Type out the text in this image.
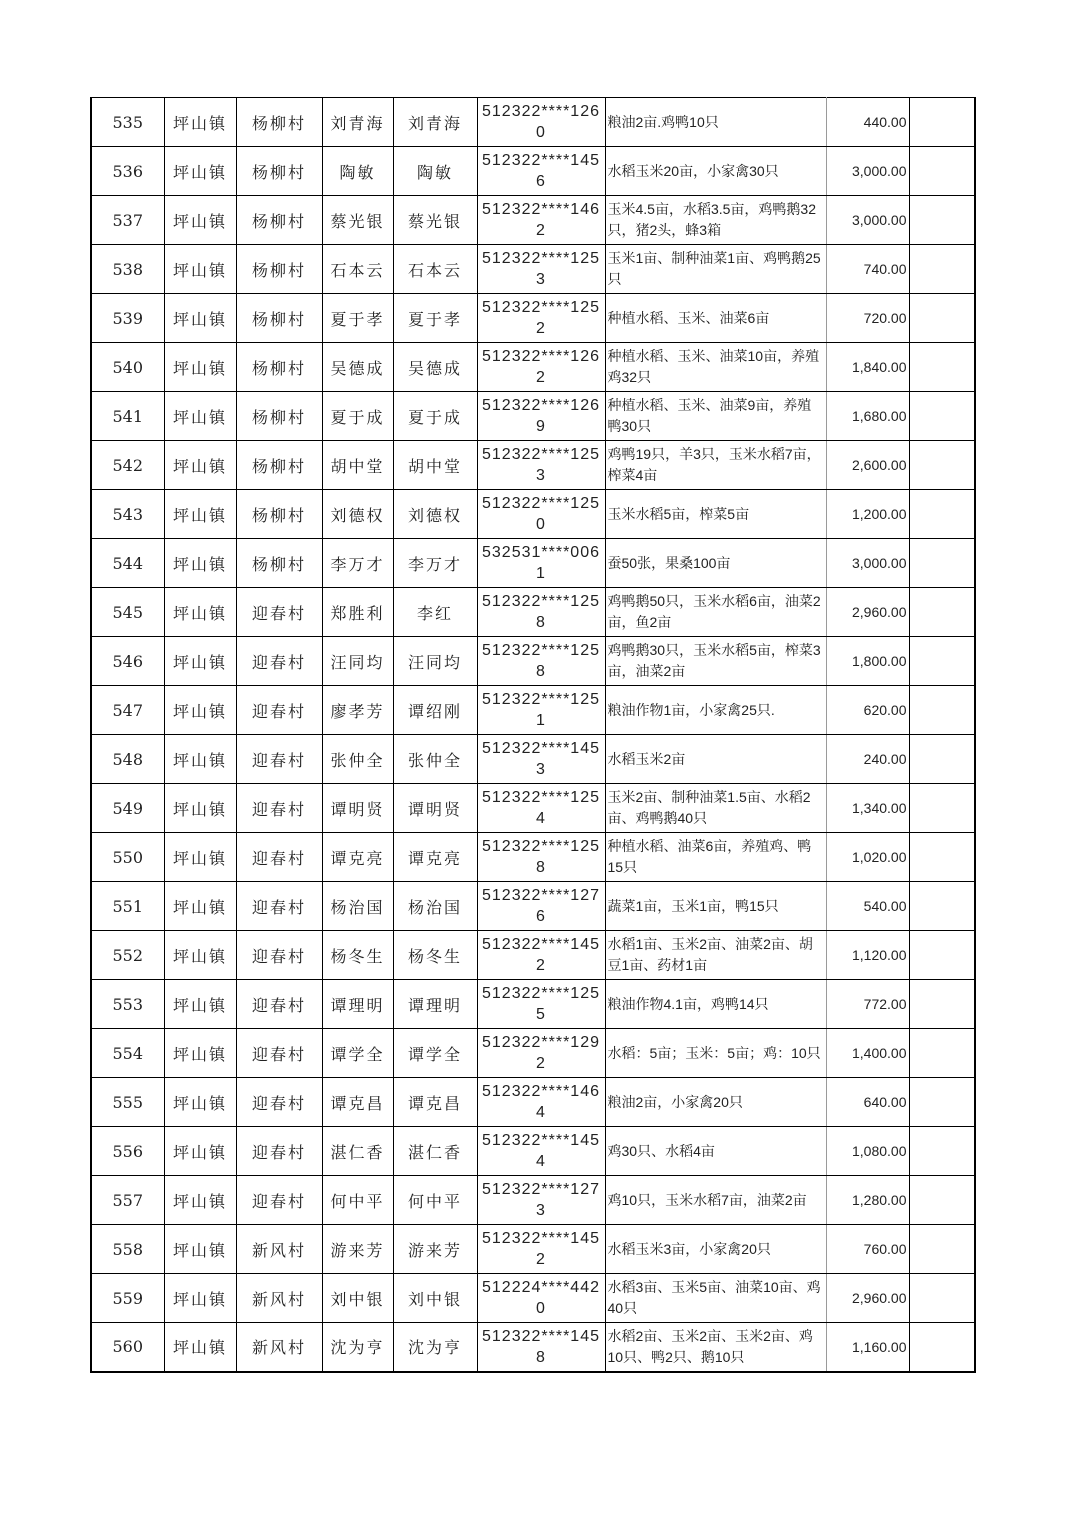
535	坪山镇	杨柳村	刘青海	刘青海	512322****1260	粮油2亩.鸡鸭10只	440.00	
536	坪山镇	杨柳村	陶敏	陶敏	512322****1456	水稻玉米20亩，小家禽30只	3,000.00	
537	坪山镇	杨柳村	蔡光银	蔡光银	512322****1462	玉米4.5亩，水稻3.5亩，鸡鸭鹅32只，猪2头，蜂3箱	3,000.00	
538	坪山镇	杨柳村	石本云	石本云	512322****1253	玉米1亩、制种油菜1亩、鸡鸭鹅25只	740.00	
539	坪山镇	杨柳村	夏于孝	夏于孝	512322****1252	种植水稻、玉米、油菜6亩	720.00	
540	坪山镇	杨柳村	吴德成	吴德成	512322****1262	种植水稻、玉米、油菜10亩，养殖鸡32只	1,840.00	
541	坪山镇	杨柳村	夏于成	夏于成	512322****1269	种植水稻、玉米、油菜9亩，养殖鸭30只	1,680.00	
542	坪山镇	杨柳村	胡中堂	胡中堂	512322****1253	鸡鸭19只，羊3只，玉米水稻7亩，榨菜4亩	2,600.00	
543	坪山镇	杨柳村	刘德权	刘德权	512322****1250	玉米水稻5亩，榨菜5亩	1,200.00	
544	坪山镇	杨柳村	李万才	李万才	532531****0061	蚕50张，果桑100亩	3,000.00	
545	坪山镇	迎春村	郑胜利	李红	512322****1258	鸡鸭鹅50只，玉米水稻6亩，油菜2亩，鱼2亩	2,960.00	
546	坪山镇	迎春村	汪同均	汪同均	512322****1258	鸡鸭鹅30只，玉米水稻5亩，榨菜3亩，油菜2亩	1,800.00	
547	坪山镇	迎春村	廖孝芳	谭绍刚	512322****1251	粮油作物1亩，小家禽25只.	620.00	
548	坪山镇	迎春村	张仲全	张仲全	512322****1453	水稻玉米2亩	240.00	
549	坪山镇	迎春村	谭明贤	谭明贤	512322****1254	玉米2亩、制种油菜1.5亩、水稻2亩、鸡鸭鹅40只	1,340.00	
550	坪山镇	迎春村	谭克亮	谭克亮	512322****1258	种植水稻、油菜6亩，养殖鸡、鸭15只	1,020.00	
551	坪山镇	迎春村	杨治国	杨治国	512322****1276	蔬菜1亩，玉米1亩，鸭15只	540.00	
552	坪山镇	迎春村	杨冬生	杨冬生	512322****1452	水稻1亩、玉米2亩、油菜2亩、胡豆1亩、药材1亩	1,120.00	
553	坪山镇	迎春村	谭理明	谭理明	512322****1255	粮油作物4.1亩，鸡鸭14只	772.00	
554	坪山镇	迎春村	谭学全	谭学全	512322****1292	水稻：5亩；玉米：5亩；鸡：10只	1,400.00	
555	坪山镇	迎春村	谭克昌	谭克昌	512322****1464	粮油2亩，小家禽20只	640.00	
556	坪山镇	迎春村	湛仁香	湛仁香	512322****1454	鸡30只、水稻4亩	1,080.00	
557	坪山镇	迎春村	何中平	何中平	512322****1273	鸡10只，玉米水稻7亩，油菜2亩	1,280.00	
558	坪山镇	新风村	游来芳	游来芳	512322****1452	水稻玉米3亩，小家禽20只	760.00	
559	坪山镇	新风村	刘中银	刘中银	512224****4420	水稻3亩、玉米5亩、油菜10亩、鸡40只	2,960.00	
560	坪山镇	新风村	沈为亨	沈为亨	512322****1458	水稻2亩、玉米2亩、玉米2亩、鸡10只、鸭2只、鹅10只	1,160.00	
